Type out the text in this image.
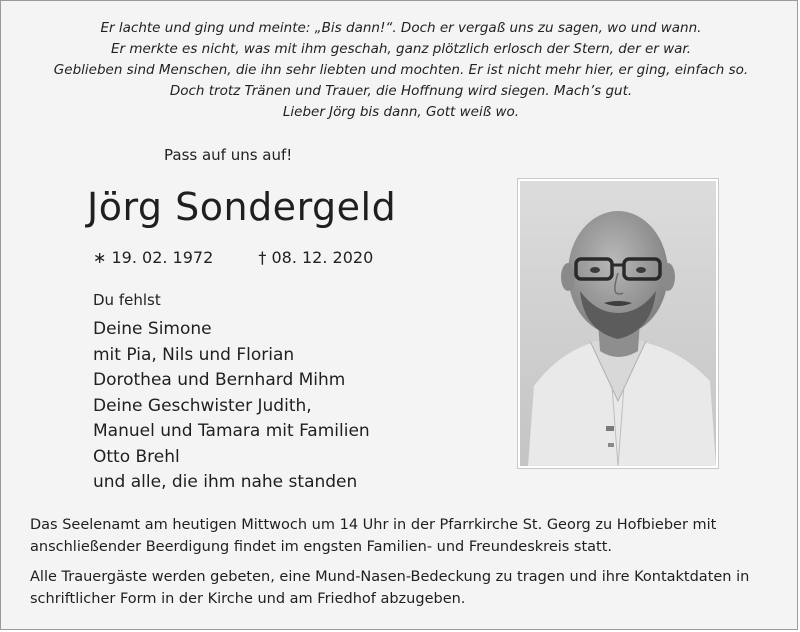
Er lachte und ging und meinte: „Bis dann!“. Doch er vergaß uns zu sagen, wo und wann.
Er merkte es nicht, was mit ihm geschah, ganz plötzlich erlosch der Stern, der er war.
Geblieben sind Menschen, die ihn sehr liebten und mochten. Er ist nicht mehr hier, er ging, einfach so.
Doch trotz Tränen und Trauer, die Hoffnung wird siegen. Mach’s gut.
Lieber Jörg bis dann, Gott weiß wo.
Pass auf uns auf!
Jörg Sondergeld
∗ 19. 02. 1972	† 08. 12. 2020
Du fehlst
Deine Simone
mit Pia, Nils und Florian
Dorothea und Bernhard Mihm
Deine Geschwister Judith,
Manuel und Tamara mit Familien
Otto Brehl
und alle, die ihm nahe standen

Das Seelenamt am heutigen Mittwoch um 14 Uhr in der Pfarrkirche St. Georg zu Hofbieber mit anschließender Beerdigung findet im engsten Familien- und Freundeskreis statt.

Alle Trauergäste werden gebeten, eine Mund-Nasen-Bedeckung zu tragen und ihre Kontaktdaten in schriftlicher Form in der Kirche und am Friedhof abzugeben.
